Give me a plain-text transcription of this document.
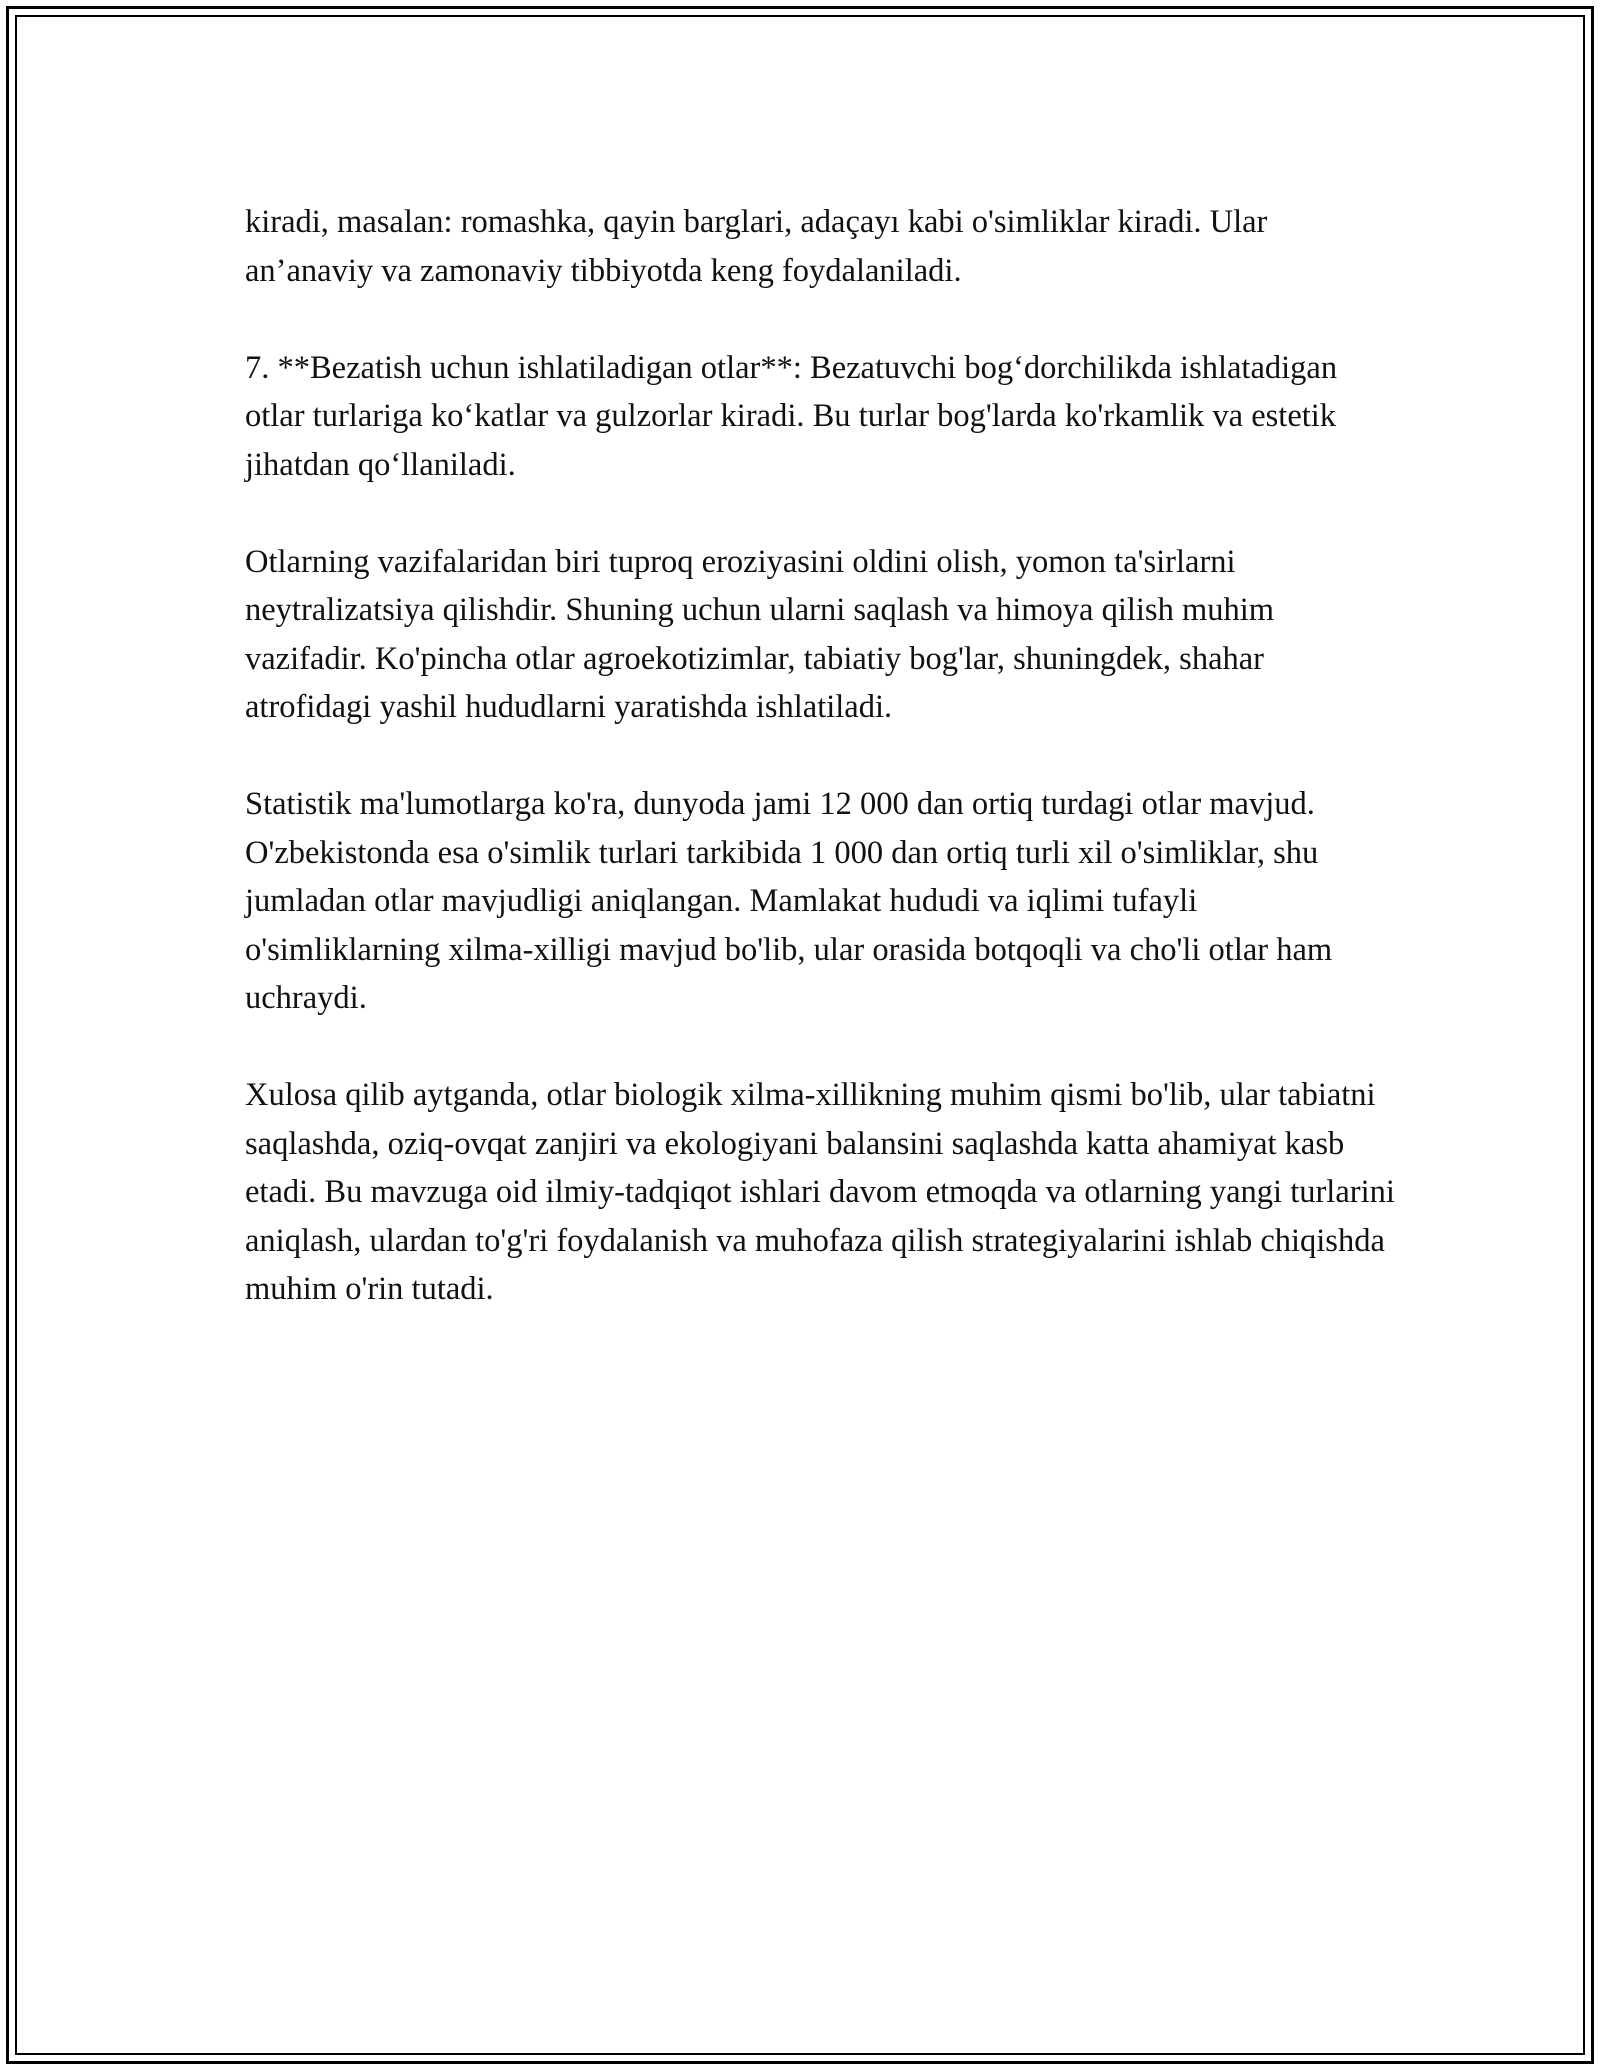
kiradi, masalan: romashka, qayin barglari, adaçayı kabi o'simliklar kiradi. Ular an’anaviy va zamonaviy tibbiyotda keng foydalaniladi.

7. **Bezatish uchun ishlatiladigan otlar**: Bezatuvchi bog‘dorchilikda ishlatadigan otlar turlariga ko‘katlar va gulzorlar kiradi. Bu turlar bog'larda ko'rkamlik va estetik jihatdan qo‘llaniladi.

Otlarning vazifalaridan biri tuproq eroziyasini oldini olish, yomon ta'sirlarni neytralizatsiya qilishdir. Shuning uchun ularni saqlash va himoya qilish muhim vazifadir. Ko'pincha otlar agroekotizimlar, tabiatiy bog'lar, shuningdek, shahar atrofidagi yashil hududlarni yaratishda ishlatiladi.

Statistik ma'lumotlarga ko'ra, dunyoda jami 12 000 dan ortiq turdagi otlar mavjud. O'zbekistonda esa o'simlik turlari tarkibida 1 000 dan ortiq turli xil o'simliklar, shu jumladan otlar mavjudligi aniqlangan. Mamlakat hududi va iqlimi tufayli o'simliklarning xilma-xilligi mavjud bo'lib, ular orasida botqoqli va cho'li otlar ham uchraydi.

Xulosa qilib aytganda, otlar biologik xilma-xillikning muhim qismi bo'lib, ular tabiatni saqlashda, oziq-ovqat zanjiri va ekologiyani balansini saqlashda katta ahamiyat kasb etadi. Bu mavzuga oid ilmiy-tadqiqot ishlari davom etmoqda va otlarning yangi turlarini aniqlash, ulardan to'g'ri foydalanish va muhofaza qilish strategiyalarini ishlab chiqishda muhim o'rin tutadi.
